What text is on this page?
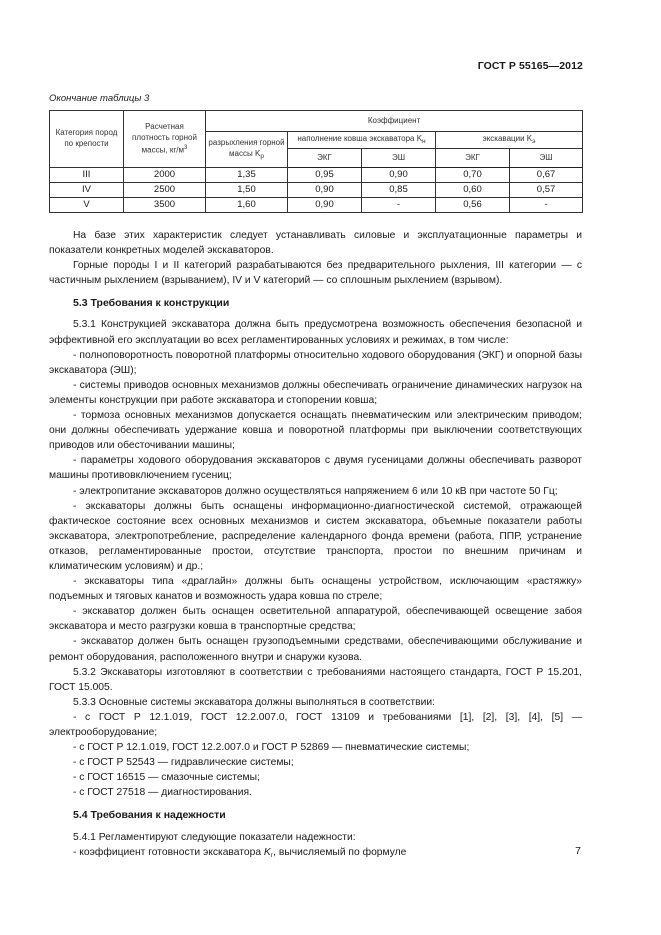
ГОСТ Р 55165—2012
Окончание таблицы 3
Категория пород по крепости	Расчетная плотность горной массы, $кг/м^3$	Коэффициент				
		разрыхления горной массы $K_р$	наполнение ковша экскаватора $K_н$		экскавации $K_э$
			ЭКГ	ЭШ	ЭКГ	ЭШ
III	2000	1,35	0,95	0,90	0,70	0,67
IV	2500	1,50	0,90	0,85	0,60	0,57
V	3500	1,60	0,90	-	0,56	-

На базе этих характеристик следует устанавливать силовые и эксплуатационные параметры и показатели конкретных моделей экскаваторов.

Горные породы I и II категорий разрабатываются без предварительного рыхления, III категории — с частичным рыхлением (взрыванием), IV и V категорий — со сплошным рыхлением (взрывом).

5.3 Требования к конструкции

5.3.1 Конструкцией экскаватора должна быть предусмотрена возможность обеспечения безопасной и эффективной его эксплуатации во всех регламентированных условиях и режимах, в том числе:

- полноповоротность поворотной платформы относительно ходового оборудования (ЭКГ) и опорной базы экскаватора (ЭШ);

- системы приводов основных механизмов должны обеспечивать ограничение динамических нагрузок на элементы конструкции при работе экскаватора и стопорении ковша;

- тормоза основных механизмов допускается оснащать пневматическим или электрическим приводом; они должны обеспечивать удержание ковша и поворотной платформы при выключении соответствующих приводов или обесточивании машины;

- параметры ходового оборудования экскаваторов с двумя гусеницами должны обеспечивать разворот машины противовключением гусениц;

- электропитание экскаваторов должно осуществляться напряжением 6 или 10 кВ при частоте 50 Гц;

- экскаваторы должны быть оснащены информационно-диагностической системой, отражающей фактическое состояние всех основных механизмов и систем экскаватора, объемные показатели работы экскаватора, электропотребление, распределение календарного фонда времени (работа, ППР, устранение отказов, регламентированные простои, отсутствие транспорта, простои по внешним причинам и климатическим условиям) и др.;

- экскаваторы типа «драглайн» должны быть оснащены устройством, исключающим «растяжку» подъемных и тяговых канатов и возможность удара ковша по стреле;

- экскаватор должен быть оснащен осветительной аппаратурой, обеспечивающей освещение забоя экскаватора и место разгрузки ковша в транспортные средства;

- экскаватор должен быть оснащен грузоподъемными средствами, обеспечивающими обслуживание и ремонт оборудования, расположенного внутри и снаружи кузова.

5.3.2 Экскаваторы изготовляют в соответствии с требованиями настоящего стандарта, ГОСТ Р 15.201, ГОСТ 15.005.

5.3.3 Основные системы экскаватора должны выполняться в соответствии:

- с ГОСТ Р 12.1.019, ГОСТ 12.2.007.0, ГОСТ 13109 и требованиями [1], [2], [3], [4], [5] — электрооборудование;

- с ГОСТ Р 12.1.019, ГОСТ 12.2.007.0 и ГОСТ Р 52869 — пневматические системы;

- с ГОСТ Р 52543 — гидравлические системы;

- с ГОСТ 16515 — смазочные системы;

- с ГОСТ 27518 — диагностирования.

5.4 Требования к надежности

5.4.1 Регламентируют следующие показатели надежности:

- коэффициент готовности экскаватора $K_г$, вычисляемый по формуле	7
